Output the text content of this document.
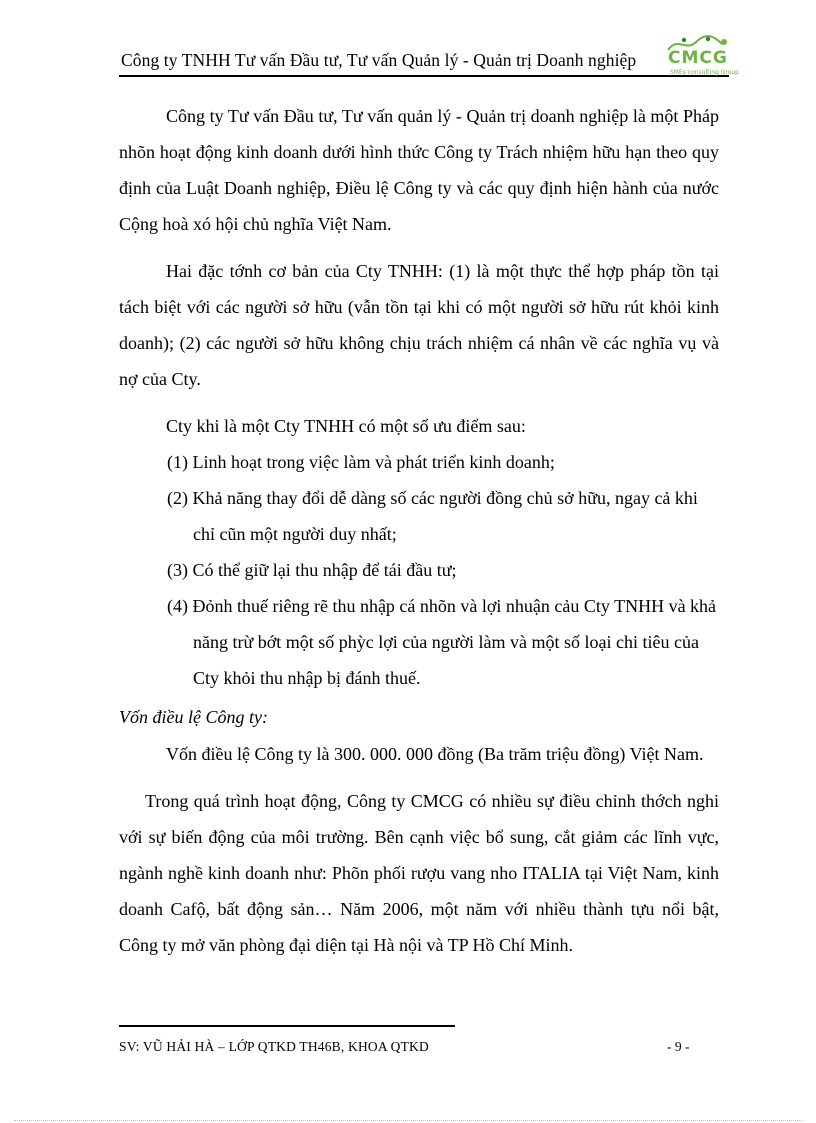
Công ty TNHH Tư vấn Đầu tư, Tư vấn Quản lý - Quản trị Doanh nghiệp CMCG
SMEs consulting Group

Công ty Tư vấn Đầu tư, Tư vấn quản lý - Quản trị doanh nghiệp là một Pháp nhõn hoạt động kinh doanh dưới hình thức Công ty Trách nhiệm hữu hạn theo quy định của Luật Doanh nghiệp, Điều lệ Công ty và các quy định hiện hành của nước Cộng hoà xó hội chủ nghĩa Việt Nam.

Hai đặc tớnh cơ bản của Cty TNHH: (1) là một thực thể hợp pháp tồn tại tách biệt với các người sở hữu (vẫn tồn tại khi có một người sở hữu rút khỏi kinh doanh); (2) các người sở hữu không chịu trách nhiệm cá nhân về các nghĩa vụ và nợ của Cty.

Cty khi là một Cty TNHH có một số ưu điểm sau:

(1) Linh hoạt trong việc làm và phát triển kinh doanh;

(2) Khả năng thay đổi dễ dàng số các người đồng chủ sở hữu, ngay cả khi chỉ cũn một người duy nhất;

(3) Có thể giữ lại thu nhập để tái đầu tư;

(4) Đỏnh thuế riêng rẽ thu nhập cá nhõn và lợi nhuận cảu Cty TNHH và khả năng trừ bớt một số phỳc lợi của người làm và một số loại chi tiêu của Cty khỏi thu nhập bị đánh thuế.

Vốn điều lệ Công ty:

Vốn điều lệ Công ty là 300. 000. 000 đồng (Ba trăm triệu đồng) Việt Nam.

Trong quá trình hoạt động, Công ty CMCG có nhiều sự điều chỉnh thớch nghi với sự biến động của môi trường. Bên cạnh việc bổ sung, cắt giảm các lĩnh vực, ngành nghề kinh doanh như: Phõn phối rượu vang nho ITALIA tại Việt Nam, kinh doanh Cafộ, bất động sản… Năm 2006, một năm với nhiều thành tựu nổi bật, Công ty mở văn phòng đại diện tại Hà nội và TP Hồ Chí Minh.

SV: VŨ HẢI HÀ – LỚP QTKD TH46B, KHOA QTKD	- 9 -
